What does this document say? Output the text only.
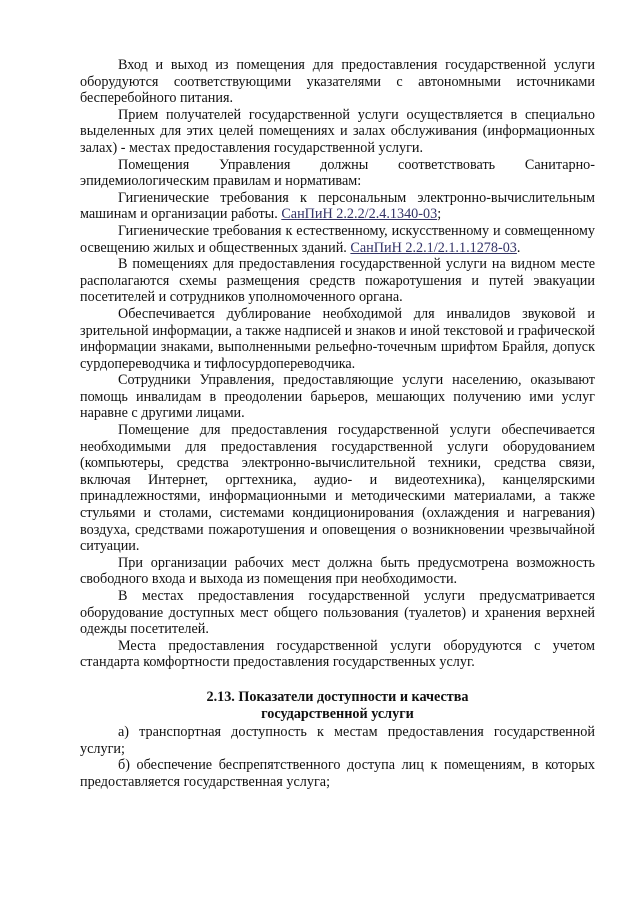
Вход и выход из помещения для предоставления государственной услуги оборудуются соответствующими указателями с автономными источниками бесперебойного питания.

Прием получателей государственной услуги осуществляется в специально выделенных для этих целей помещениях и залах обслуживания (информационных залах) - местах предоставления государственной услуги.

Помещения Управления должны соответствовать Санитарно-эпидемиологическим правилам и нормативам:

Гигиенические требования к персональным электронно-вычислительным машинам и организации работы. СанПиН 2.2.2/2.4.1340-03;

Гигиенические требования к естественному, искусственному и совмещенному освещению жилых и общественных зданий. СанПиН 2.2.1/2.1.1.1278-03.

В помещениях для предоставления государственной услуги на видном месте располагаются схемы размещения средств пожаротушения и путей эвакуации посетителей и сотрудников уполномоченного органа.

Обеспечивается дублирование необходимой для инвалидов звуковой и зрительной информации, а также надписей и знаков и иной текстовой и графической информации знаками, выполненными рельефно-точечным шрифтом Брайля, допуск сурдопереводчика и тифлосурдопереводчика.

Сотрудники Управления, предоставляющие услуги населению, оказывают помощь инвалидам в преодолении барьеров, мешающих получению ими услуг наравне с другими лицами.

Помещение для предоставления государственной услуги обеспечивается необходимыми для предоставления государственной услуги оборудованием (компьютеры, средства электронно-вычислительной техники, средства связи, включая Интернет, оргтехника, аудио- и видеотехника), канцелярскими принадлежностями, информационными и методическими материалами, а также стульями и столами, системами кондиционирования (охлаждения и нагревания) воздуха, средствами пожаротушения и оповещения о возникновении чрезвычайной ситуации.

При организации рабочих мест должна быть предусмотрена возможность свободного входа и выхода из помещения при необходимости.

В местах предоставления государственной услуги предусматривается оборудование доступных мест общего пользования (туалетов) и хранения верхней одежды посетителей.

Места предоставления государственной услуги оборудуются с учетом стандарта комфортности предоставления государственных услуг.

2.13. Показатели доступности и качества
государственной услуги

а) транспортная доступность к местам предоставления государственной услуги;

б) обеспечение беспрепятственного доступа лиц к помещениям, в которых предоставляется государственная услуга;
